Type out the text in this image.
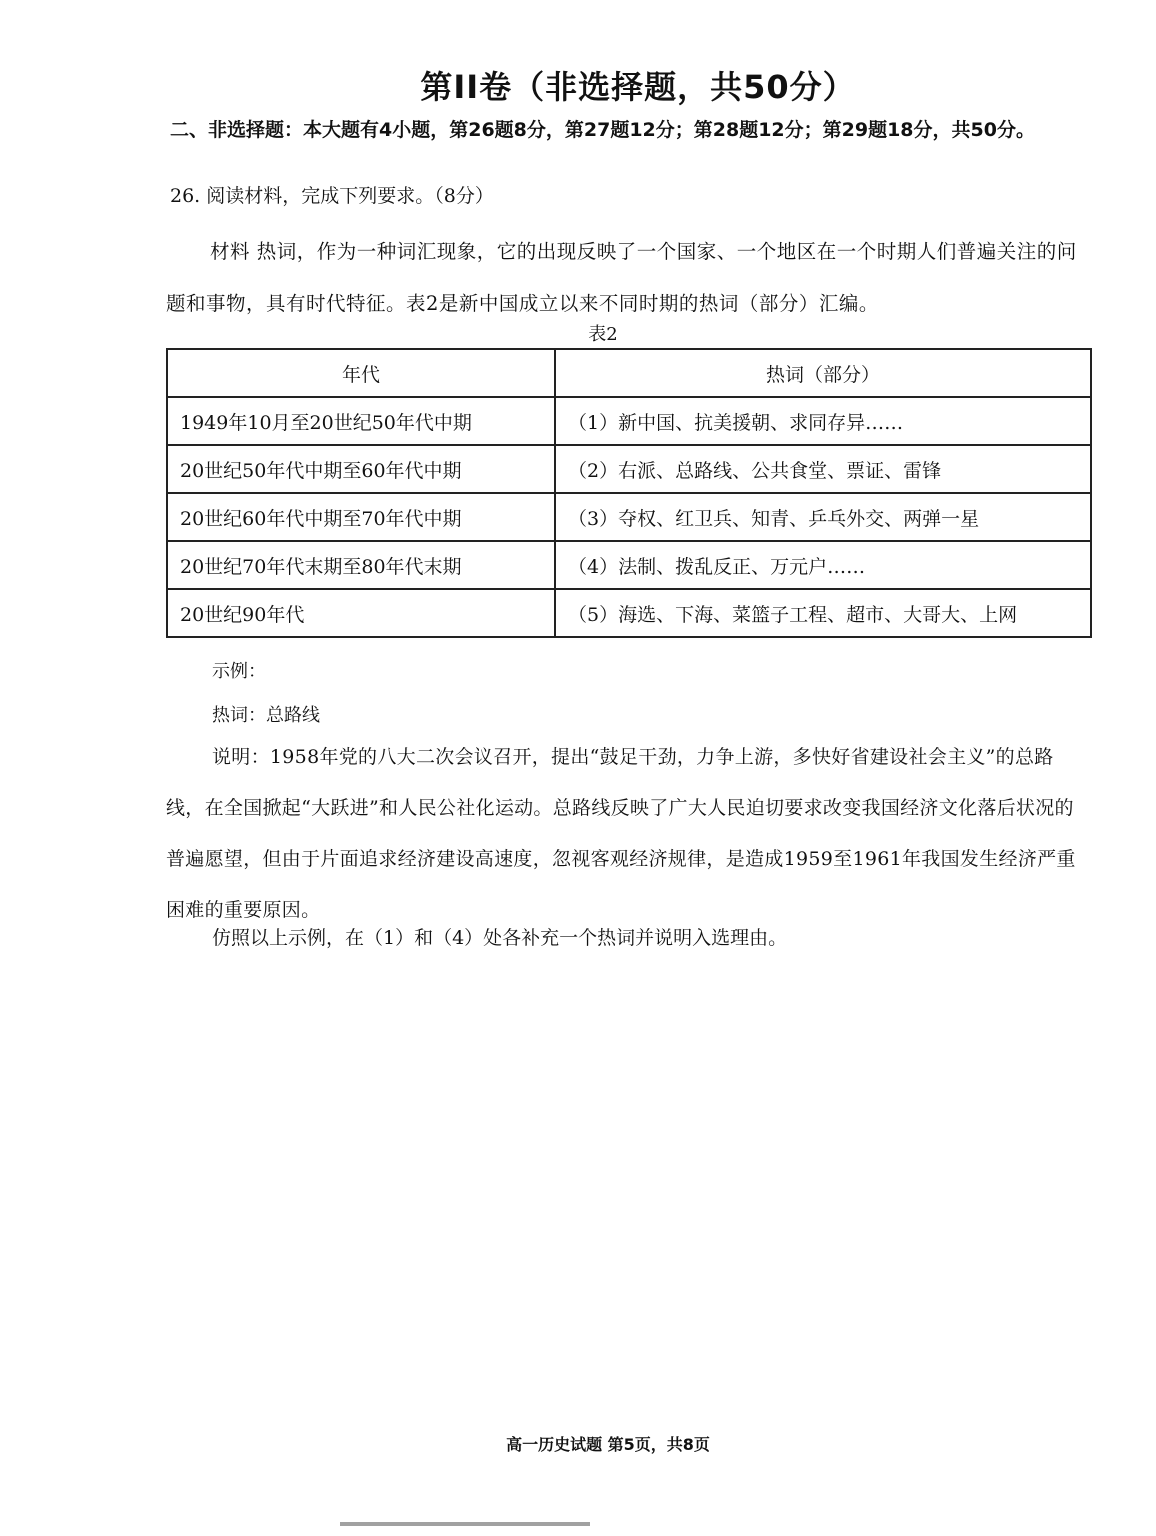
第II卷（非选择题，共50分）
二、非选择题：本大题有4小题，第26题8分，第27题12分；第28题12分；第29题18分，共50分。
26. 阅读材料，完成下列要求。（8分）
材料 热词，作为一种词汇现象，它的出现反映了一个国家、一个地区在一个时期人们普遍关注的问题和事物，具有时代特征。表2是新中国成立以来不同时期的热词（部分）汇编。
表2
年代	热词（部分）
1949年10月至20世纪50年代中期	（1）新中国、抗美援朝、求同存异……
20世纪50年代中期至60年代中期	（2）右派、总路线、公共食堂、票证、雷锋
20世纪60年代中期至70年代中期	（3）夺权、红卫兵、知青、乒乓外交、两弹一星
20世纪70年代末期至80年代末期	（4）法制、拨乱反正、万元户……
20世纪90年代	（5）海选、下海、菜篮子工程、超市、大哥大、上网
示例：
热词：总路线
说明：1958年党的八大二次会议召开，提出“鼓足干劲，力争上游，多快好省建设社会主义”的总路线，在全国掀起“大跃进”和人民公社化运动。总路线反映了广大人民迫切要求改变我国经济文化落后状况的普遍愿望，但由于片面追求经济建设高速度，忽视客观经济规律，是造成1959至1961年我国发生经济严重困难的重要原因。
仿照以上示例，在（1）和（4）处各补充一个热词并说明入选理由。
高一历史试题 第5页，共8页
